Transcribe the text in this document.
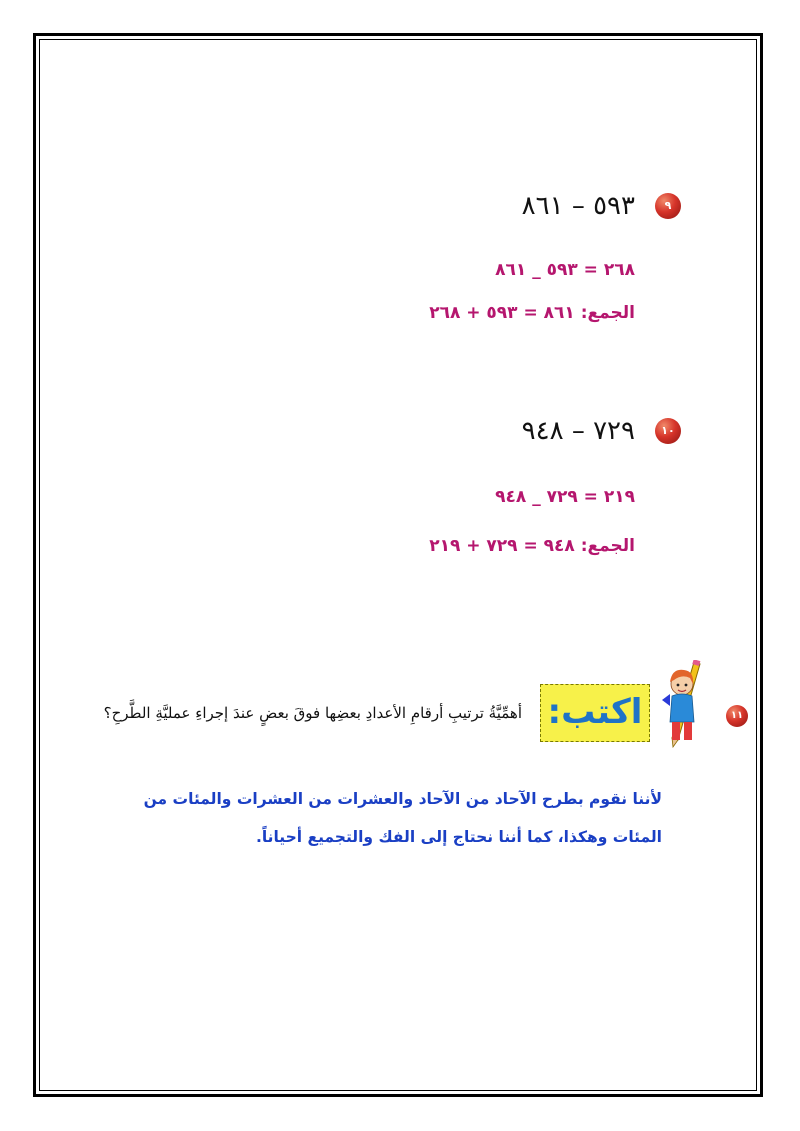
٩
٥٩٣ – ٨٦١
٢٦٨ = ٥٩٣ _ ٨٦١
الجمع: ٨٦١ = ٥٩٣ + ٢٦٨
١٠
٧٢٩ – ٩٤٨
٢١٩ = ٧٢٩ _ ٩٤٨
الجمع: ٩٤٨ = ٧٢٩ + ٢١٩
١١
اكتب:
أهمِّيَّةُ ترتيبِ أرقامِ الأعدادِ بعضِها فوقَ بعضٍ عندَ إجراءِ عمليَّةِ الطَّرحِ؟
لأننا نقوم بطرح الآحاد من الآحاد والعشرات من العشرات والمئات من
المئات وهكذا، كما أننا نحتاج إلى الفك والتجميع أحياناً.
